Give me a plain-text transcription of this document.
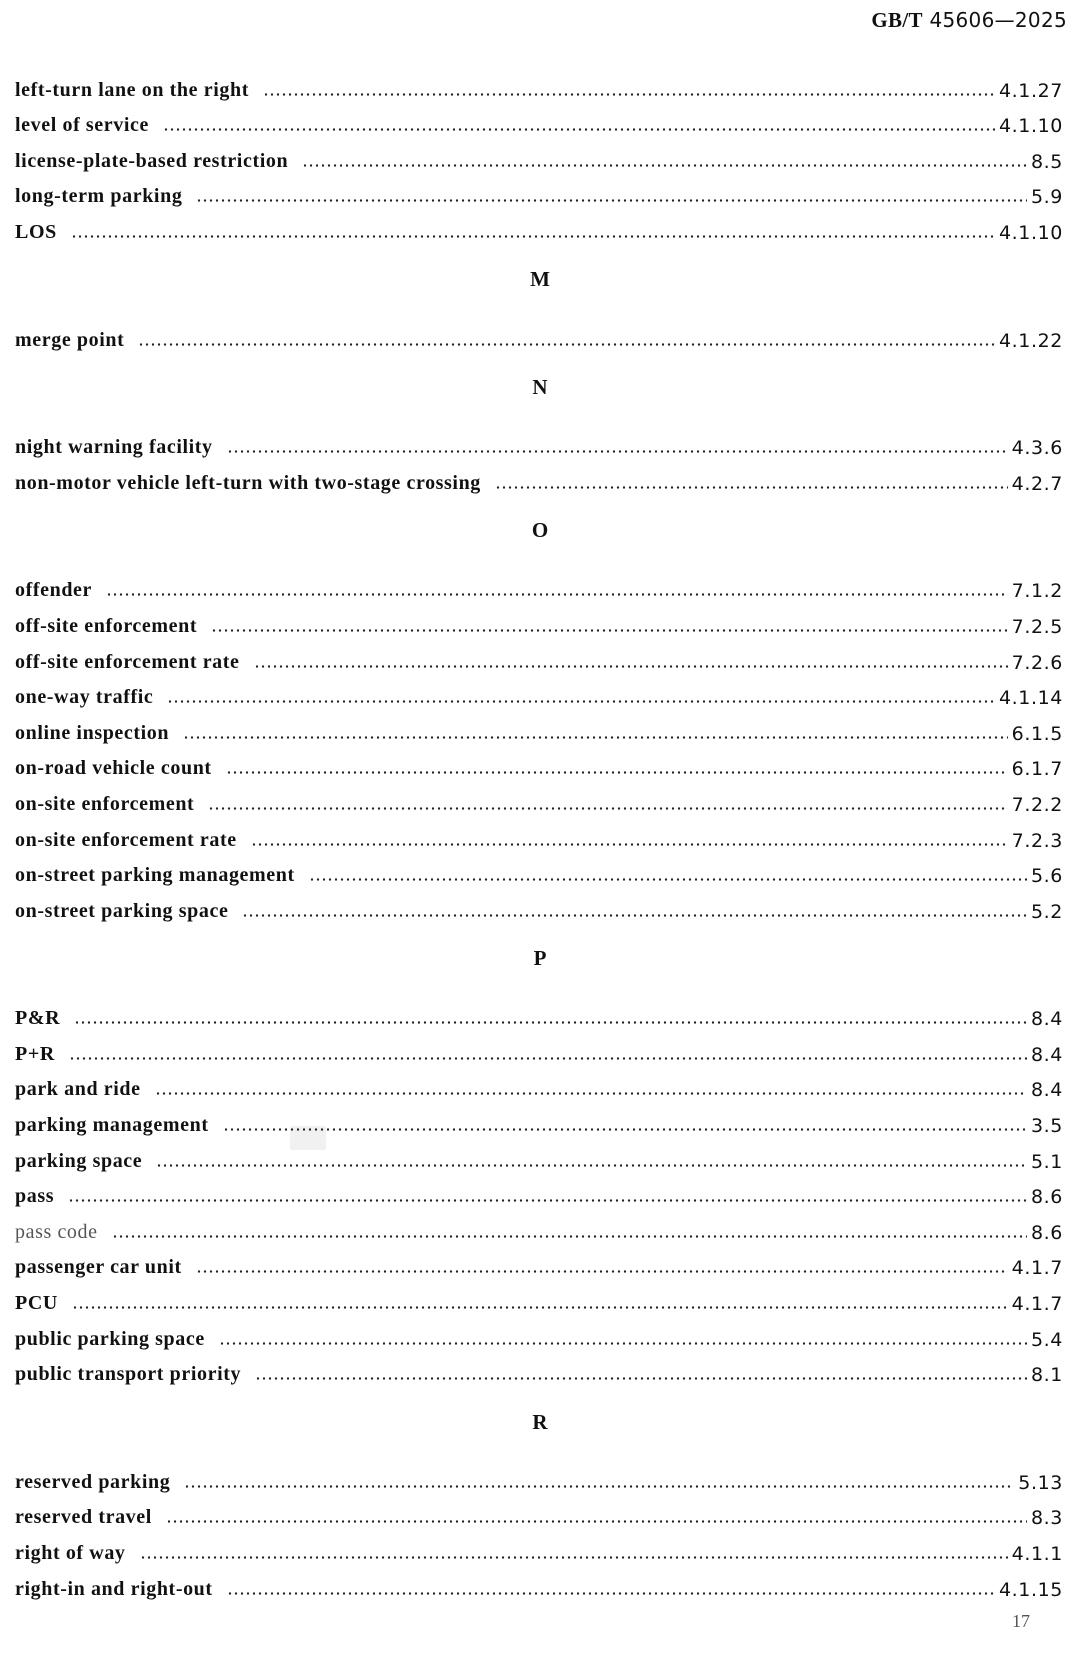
GB/T 45606—2025
left-turn lane on the right	4.1.27
level of service	4.1.10
license-plate-based restriction	8.5
long-term parking	5.9
LOS	4.1.10
M
merge point	4.1.22
N
night warning facility	4.3.6
non-motor vehicle left-turn with two-stage crossing	4.2.7
O
offender	7.1.2
off-site enforcement	7.2.5
off-site enforcement rate	7.2.6
one-way traffic	4.1.14
online inspection	6.1.5
on-road vehicle count	6.1.7
on-site enforcement	7.2.2
on-site enforcement rate	7.2.3
on-street parking management	5.6
on-street parking space	5.2
P
P&R	8.4
P+R	8.4
park and ride	8.4
parking management	3.5
parking space	5.1
pass	8.6
pass code	8.6
passenger car unit	4.1.7
PCU	4.1.7
public parking space	5.4
public transport priority	8.1
R
reserved parking	5.13
reserved travel	8.3
right of way	4.1.1
right-in and right-out	4.1.15
17
